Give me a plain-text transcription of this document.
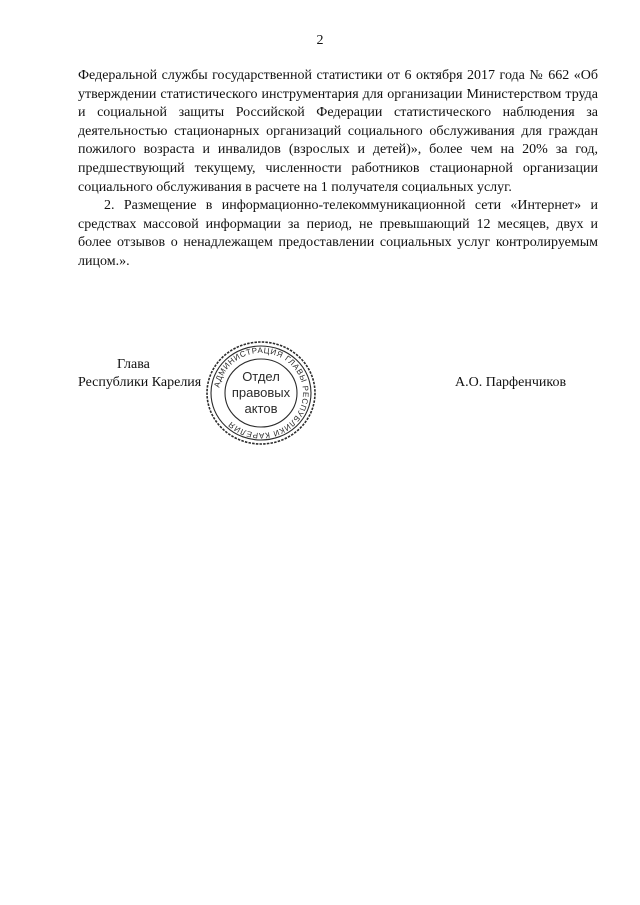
2

Федеральной службы государственной статистики от 6 октября 2017 года № 662 «Об утверждении статистического инструментария для организации Министерством труда и социальной защиты Российской Федерации статистического наблюдения за деятельностью стационарных организаций социального обслуживания для граждан пожилого возраста и инвалидов (взрослых и детей)», более чем на 20% за год, предшествующий текущему, численности работников стационарной организации социального обслуживания в расчете на 1 получателя социальных услуг.

2. Размещение в информационно-телекоммуникационной сети «Интернет» и средствах массовой информации за период, не превышающий 12 месяцев, двух и более отзывов о ненадлежащем предоставлении социальных услуг контролируемым лицом.».

Глава
Республики Карелия	А.О. Парфенчиков
АДМИНИСТРАЦИЯ ГЛАВЫ РЕСПУБЛИКИ КАРЕЛИЯ
Отдел
правовых
актов
